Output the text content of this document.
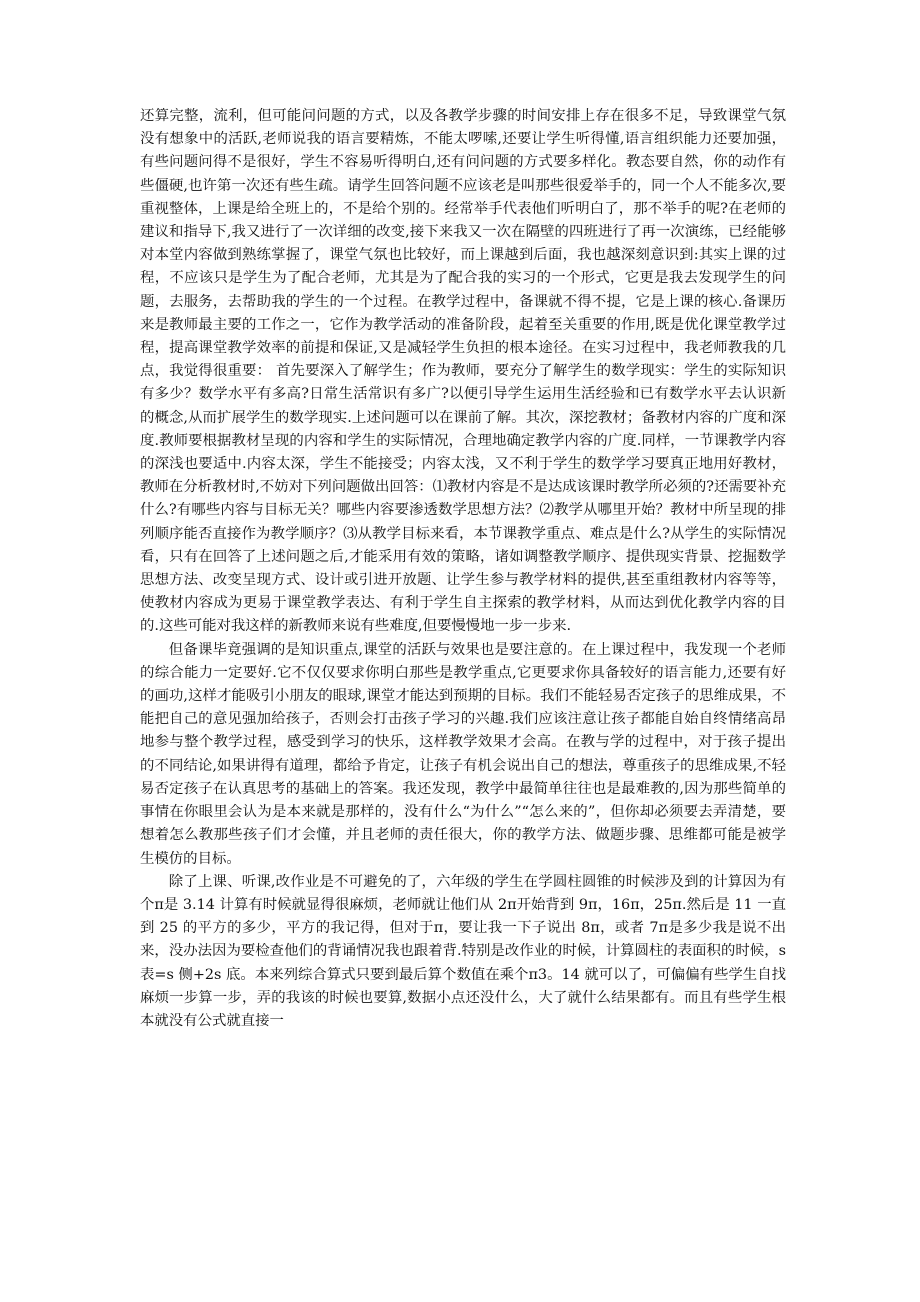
还算完整，流利，但可能问问题的方式，以及各教学步骤的时间安排上存在很多不足，导致课堂气氛没有想象中的活跃,老师说我的语言要精炼，不能太啰嗦,还要让学生听得懂,语言组织能力还要加强，有些问题问得不是很好，学生不容易听得明白,还有问问题的方式要多样化。教态要自然，你的动作有些僵硬,也许第一次还有些生疏。请学生回答问题不应该老是叫那些很爱举手的，同一个人不能多次,要重视整体，上课是给全班上的，不是给个别的。经常举手代表他们听明白了，那不举手的呢?在老师的建议和指导下,我又进行了一次详细的改变,接下来我又一次在隔壁的四班进行了再一次演练，已经能够对本堂内容做到熟练掌握了，课堂气氛也比较好，而上课越到后面，我也越深刻意识到:其实上课的过程，不应该只是学生为了配合老师，尤其是为了配合我的实习的一个形式，它更是我去发现学生的问题，去服务，去帮助我的学生的一个过程。在教学过程中，备课就不得不提，它是上课的核心.备课历来是教师最主要的工作之一，它作为教学活动的准备阶段，起着至关重要的作用,既是优化课堂教学过程，提高课堂教学效率的前提和保证,又是减轻学生负担的根本途径。在实习过程中，我老师教我的几点，我觉得很重要： 首先要深入了解学生；作为教师，要充分了解学生的数学现实：学生的实际知识有多少？数学水平有多高?日常生活常识有多广?以便引导学生运用生活经验和已有数学水平去认识新的概念,从而扩展学生的数学现实.上述问题可以在课前了解。其次，深挖教材；备教材内容的广度和深度.教师要根据教材呈现的内容和学生的实际情况，合理地确定教学内容的广度.同样，一节课教学内容的深浅也要适中.内容太深，学生不能接受；内容太浅，又不利于学生的数学学习要真正地用好教材，教师在分析教材时,不妨对下列问题做出回答：⑴教材内容是不是达成该课时教学所必须的?还需要补充什么?有哪些内容与目标无关？哪些内容要渗透数学思想方法？⑵教学从哪里开始？教材中所呈现的排列顺序能否直接作为教学顺序？⑶从教学目标来看，本节课教学重点、难点是什么?从学生的实际情况看，只有在回答了上述问题之后,才能采用有效的策略，诸如调整教学顺序、提供现实背景、挖掘数学思想方法、改变呈现方式、设计或引进开放题、让学生参与教学材料的提供,甚至重组教材内容等等，使教材内容成为更易于课堂教学表达、有利于学生自主探索的教学材料，从而达到优化教学内容的目的.这些可能对我这样的新教师来说有些难度,但要慢慢地一步一步来.

但备课毕竟强调的是知识重点,课堂的活跃与效果也是要注意的。在上课过程中，我发现一个老师的综合能力一定要好.它不仅仅要求你明白那些是教学重点,它更要求你具备较好的语言能力,还要有好的画功,这样才能吸引小朋友的眼球,课堂才能达到预期的目标。我们不能轻易否定孩子的思维成果，不能把自己的意见强加给孩子，否则会打击孩子学习的兴趣.我们应该注意让孩子都能自始自终情绪高昂地参与整个教学过程，感受到学习的快乐，这样教学效果才会高。在教与学的过程中，对于孩子提出的不同结论,如果讲得有道理，都给予肯定，让孩子有机会说出自己的想法，尊重孩子的思维成果,不轻易否定孩子在认真思考的基础上的答案。我还发现，教学中最简单往往也是最难教的,因为那些简单的事情在你眼里会认为是本来就是那样的，没有什么“为什么”“怎么来的”，但你却必须要去弄清楚，要想着怎么教那些孩子们才会懂，并且老师的责任很大，你的教学方法、做题步骤、思维都可能是被学生模仿的目标。

除了上课、听课,改作业是不可避免的了，六年级的学生在学圆柱圆锥的时候涉及到的计算因为有个π是 3.14 计算有时候就显得很麻烦，老师就让他们从 2π开始背到 9π，16π，25π.然后是 11 一直到 25 的平方的多少，平方的我记得，但对于π，要让我一下子说出 8π，或者 7π是多少我是说不出来，没办法因为要检查他们的背诵情况我也跟着背.特别是改作业的时候，计算圆柱的表面积的时候，s 表=s 侧+2s 底。本来列综合算式只要到最后算个数值在乘个π3。14 就可以了，可偏偏有些学生自找麻烦一步算一步，弄的我该的时候也要算,数据小点还没什么，大了就什么结果都有。而且有些学生根本就没有公式就直接一
